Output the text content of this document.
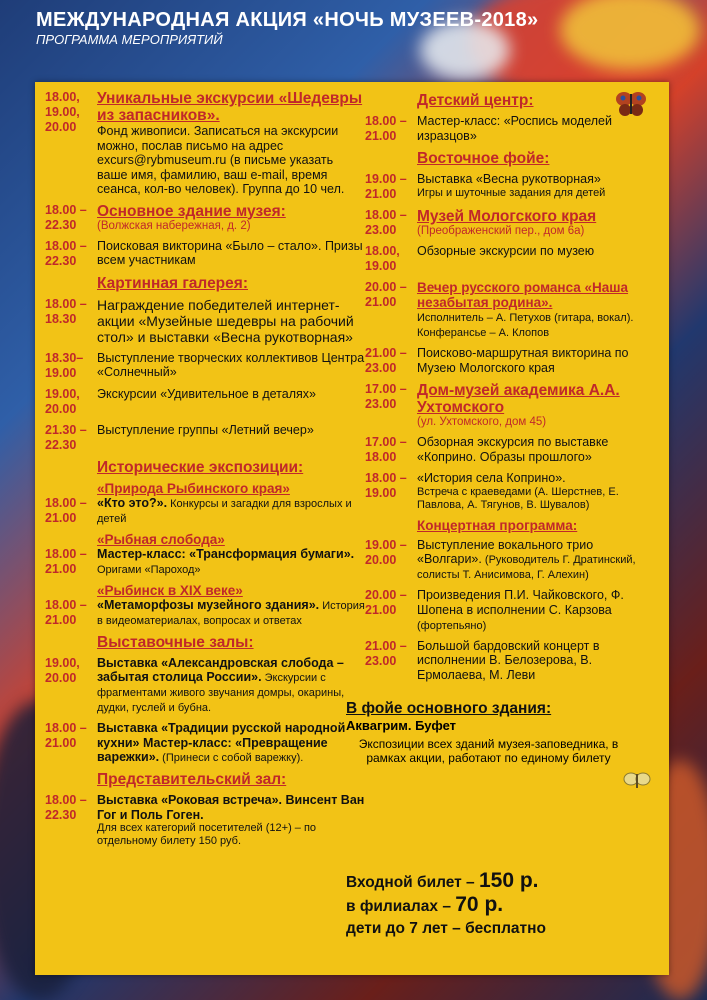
МЕЖДУНАРОДНАЯ АКЦИЯ «НОЧЬ МУЗЕЕВ-2018»
ПРОГРАММА МЕРОПРИЯТИЙ
18.00,
19.00,
20.00
Уникальные экскурсии «Шедевры из запасников».
Фонд живописи. Записаться на экскурсии можно, послав письмо на адрес excurs@rybmuseum.ru (в письме указать ваше имя, фамилию, ваш e-mail, время сеанса, кол-во человек). Группа до 10 чел.
18.00 –
22.30
Основное здание музея:
(Волжская набережная, д. 2)
18.00 –
22.30
Поисковая викторина «Было – стало». Призы всем участникам
Картинная галерея:
18.00 –
18.30
Награждение победителей интернет-акции «Музейные шедевры на рабочий стол» и выставки «Весна рукотворная»
18.30–
19.00
Выступление творческих коллективов Центра «Солнечный»
19.00,
20.00
Экскурсии «Удивительное в деталях»
21.30 –
22.30
Выступление группы «Летний вечер»
Исторические экспозиции:
«Природа Рыбинского края»
18.00 –
21.00
«Кто это?». Конкурсы и загадки для взрослых и детей
«Рыбная слобода»
18.00 –
21.00
Мастер-класс: «Трансформация бумаги». Оригами «Пароход»
«Рыбинск в XIX веке»
18.00 –
21.00
«Метаморфозы музейного здания». История в видеоматериалах, вопросах и ответах
Выставочные залы:
19.00,
20.00
Выставка «Александровская слобода – забытая столица России». Экскурсии с фрагментами живого звучания домры, окарины, дудки, гуслей и бубна.
18.00 –
21.00
Выставка «Традиции русской народной кухни» Мастер-класс: «Превращение варежки». (Принеси с собой варежку).
Представительский зал:
18.00 –
22.30
Выставка «Роковая встреча». Винсент Ван Гог и Поль Гоген.
Для всех категорий посетителей (12+) – по отдельному билету 150 руб.
Детский центр:
18.00 –
21.00
Мастер-класс: «Роспись моделей изразцов»
Восточное фойе:
19.00 –
21.00
Выставка «Весна рукотворная»
Игры и шуточные задания для детей
18.00 –
23.00
Музей Мологского края
(Преображенский пер., дом 6а)
18.00,
19.00
Обзорные экскурсии по музею
20.00 –
21.00
Вечер русского романса «Наша незабытая родина».
Исполнитель – А. Петухов (гитара, вокал). Конферансье – А. Клопов
21.00 –
23.00
Поисково-маршрутная викторина по Музею Мологского края
17.00 –
23.00
Дом-музей академика А.А. Ухтомского
(ул. Ухтомского, дом 45)
17.00 –
18.00
Обзорная экскурсия по выставке «Коприно. Образы прошлого»
18.00 –
19.00
«История села Коприно».
Встреча с краеведами (А. Шерстнев, Е. Павлова, А. Тягунов, В. Шувалов)
Концертная программа:
19.00 –
20.00
Выступление вокального трио «Волгари». (Руководитель Г. Дратинский, солисты Т. Анисимова, Г. Алехин)
20.00 –
21.00
Произведения П.И. Чайковского, Ф. Шопена в исполнении С. Карзова (фортепьяно)
21.00 –
23.00
Большой бардовский концерт в исполнении В. Белозерова, В. Ермолаева, М. Леви
В фойе основного здания:
Аквагрим. Буфет
Экспозиции всех зданий музея-заповедника, в рамках акции, работают по единому билету
Входной билет – 150 р.
в филиалах – 70 р.
дети до 7 лет – бесплатно
